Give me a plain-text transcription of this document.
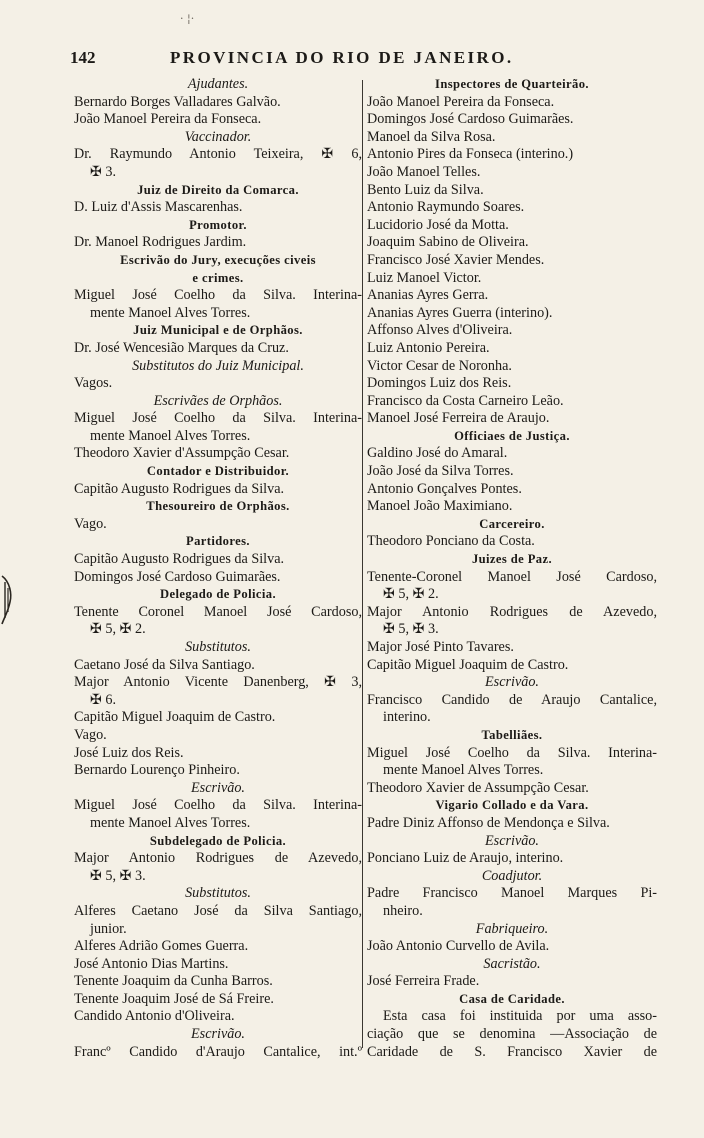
· ¦·
142	PROVINCIA DO RIO DE JANEIRO.
Ajudantes.
Bernardo Borges Valladares Galvão.
João Manoel Pereira da Fonseca.
Vaccinador.
Dr. Raymundo Antonio Teixeira, ✠ 6,
✠ 3.
Juiz de Direito da Comarca.
D. Luiz d'Assis Mascarenhas.
Promotor.
Dr. Manoel Rodrigues Jardim.
Escrivão do Jury, execuções civeis
e crimes.
Miguel José Coelho da Silva. Interina-
mente Manoel Alves Torres.
Juiz Municipal e de Orphãos.
Dr. José Wencesião Marques da Cruz.
Substitutos do Juiz Municipal.
Vagos.
Escrivães de Orphãos.
Miguel José Coelho da Silva. Interina-
mente Manoel Alves Torres.
Theodoro Xavier d'Assumpção Cesar.
Contador e Distribuidor.
Capitão Augusto Rodrigues da Silva.
Thesoureiro de Orphãos.
Vago.
Partidores.
Capitão Augusto Rodrigues da Silva.
Domingos José Cardoso Guimarães.
Delegado de Policia.
Tenente Coronel Manoel José Cardoso,
✠ 5, ✠ 2.
Substitutos.
Caetano José da Silva Santiago.
Major Antonio Vicente Danenberg, ✠ 3,
✠ 6.
Capitão Miguel Joaquim de Castro.
Vago.
José Luiz dos Reis.
Bernardo Lourenço Pinheiro.
Escrivão.
Miguel José Coelho da Silva. Interina-
mente Manoel Alves Torres.
Subdelegado de Policia.
Major Antonio Rodrigues de Azevedo,
✠ 5, ✠ 3.
Substitutos.
Alferes Caetano José da Silva Santiago,
junior.
Alferes Adrião Gomes Guerra.
José Antonio Dias Martins.
Tenente Joaquim da Cunha Barros.
Tenente Joaquim José de Sá Freire.
Candido Antonio d'Oliveira.
Escrivão.
Francº Candido d'Araujo Cantalice, int.º
Inspectores de Quarteirão.
João Manoel Pereira da Fonseca.
Domingos José Cardoso Guimarães.
Manoel da Silva Rosa.
Antonio Pires da Fonseca (interino.)
João Manoel Telles.
Bento Luiz da Silva.
Antonio Raymundo Soares.
Lucidorio José da Motta.
Joaquim Sabino de Oliveira.
Francisco José Xavier Mendes.
Luiz Manoel Victor.
Ananias Ayres Gerra.
Ananias Ayres Guerra (interino).
Affonso Alves d'Oliveira.
Luiz Antonio Pereira.
Victor Cesar de Noronha.
Domingos Luiz dos Reis.
Francisco da Costa Carneiro Leão.
Manoel José Ferreira de Araujo.
Officiaes de Justiça.
Galdino José do Amaral.
João José da Silva Torres.
Antonio Gonçalves Pontes.
Manoel João Maximiano.
Carcereiro.
Theodoro Ponciano da Costa.
Juizes de Paz.
Tenente-Coronel Manoel José Cardoso,
✠ 5, ✠ 2.
Major Antonio Rodrigues de Azevedo,
✠ 5, ✠ 3.
Major José Pinto Tavares.
Capitão Miguel Joaquim de Castro.
Escrivão.
Francisco Candido de Araujo Cantalice,
interino.
Tabelliães.
Miguel José Coelho da Silva. Interina-
mente Manoel Alves Torres.
Theodoro Xavier de Assumpção Cesar.
Vigario Collado e da Vara.
Padre Diniz Affonso de Mendonça e Silva.
Escrivão.
Ponciano Luiz de Araujo, interino.
Coadjutor.
Padre Francisco Manoel Marques Pi-
nheiro.
Fabriqueiro.
João Antonio Curvello de Avila.
Sacristão.
José Ferreira Frade.
Casa de Caridade.
Esta casa foi instituida por uma asso-
ciação que se denomina —Associação de
Caridade de S. Francisco Xavier de
